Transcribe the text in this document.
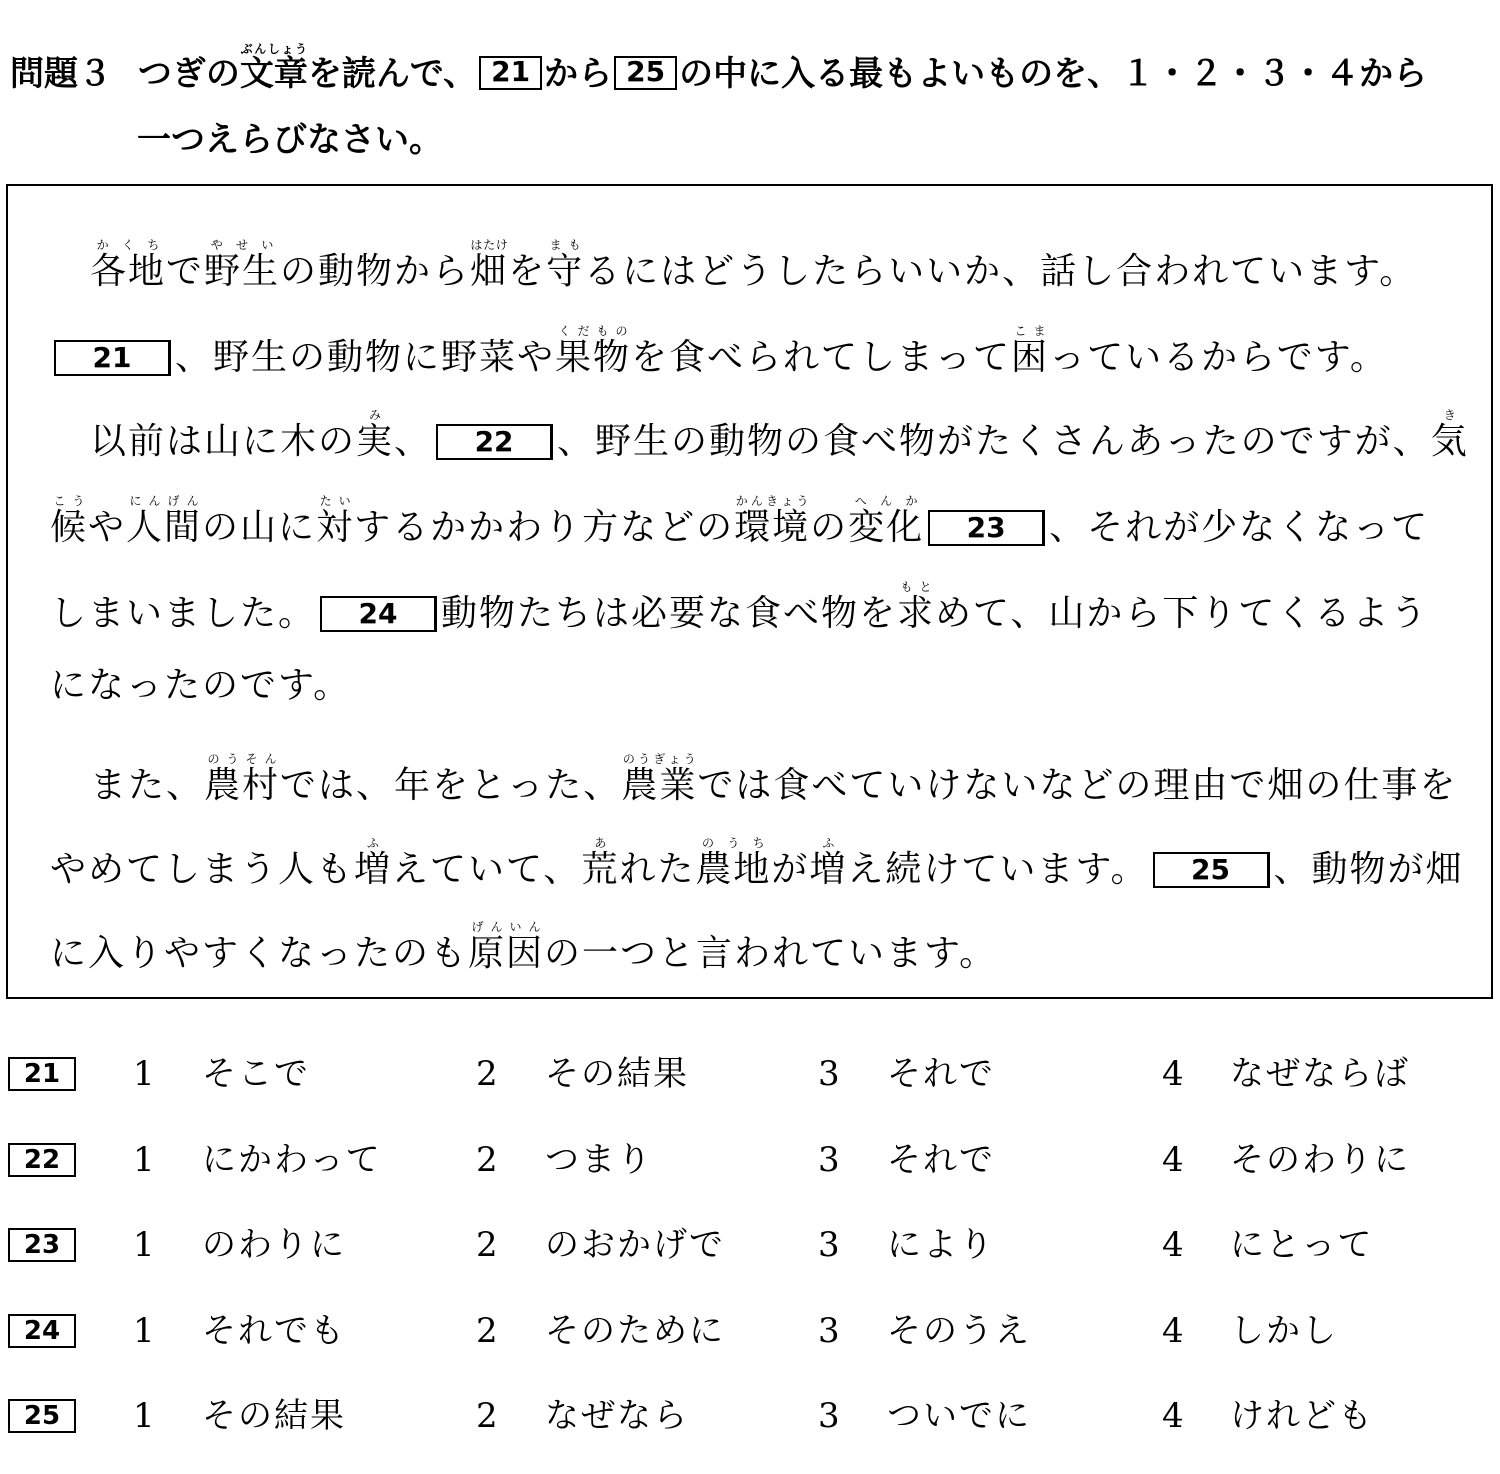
問題３ つぎの文章ぶんしょうを読んで、 21 から 25 の中に入る最もよいものを、１・２・３・４から
一つえらびなさい。
各地かくちで野生やせいの動物から畑はたけを守まもるにはどうしたらいいか、話し合われています。
21 、野生の動物に野菜や果物くだものを食べられてしまって困こまっているからです。
以前は山に木の実み、 22 、野生の動物の食べ物がたくさんあったのですが、気き
候こうや人間にんげんの山に対たいするかかわり方などの環境かんきょうの変化へんか23 、それが少なくなって
しまいました。 24 動物たちは必要な食べ物を求もとめて、山から下りてくるよう
になったのです。
また、農村のうそんでは、年をとった、農業のうぎょうでは食べていけないなどの理由で畑の仕事を
やめてしまう人も増ふえていて、荒あれた農地のうちが増ふえ続けています。 25 、動物が畑
に入りやすくなったのも原因げんいんの一つと言われています。
21	1 そこで	2 その結果	3 それで	4 なぜならば
22	1 にかわって	2 つまり	3 それで	4 そのわりに
23	1 のわりに	2 のおかげで	3 により	4 にとって
24	1 それでも	2 そのために	3 そのうえ	4 しかし
25	1 その結果	2 なぜなら	3 ついでに	4 けれども
